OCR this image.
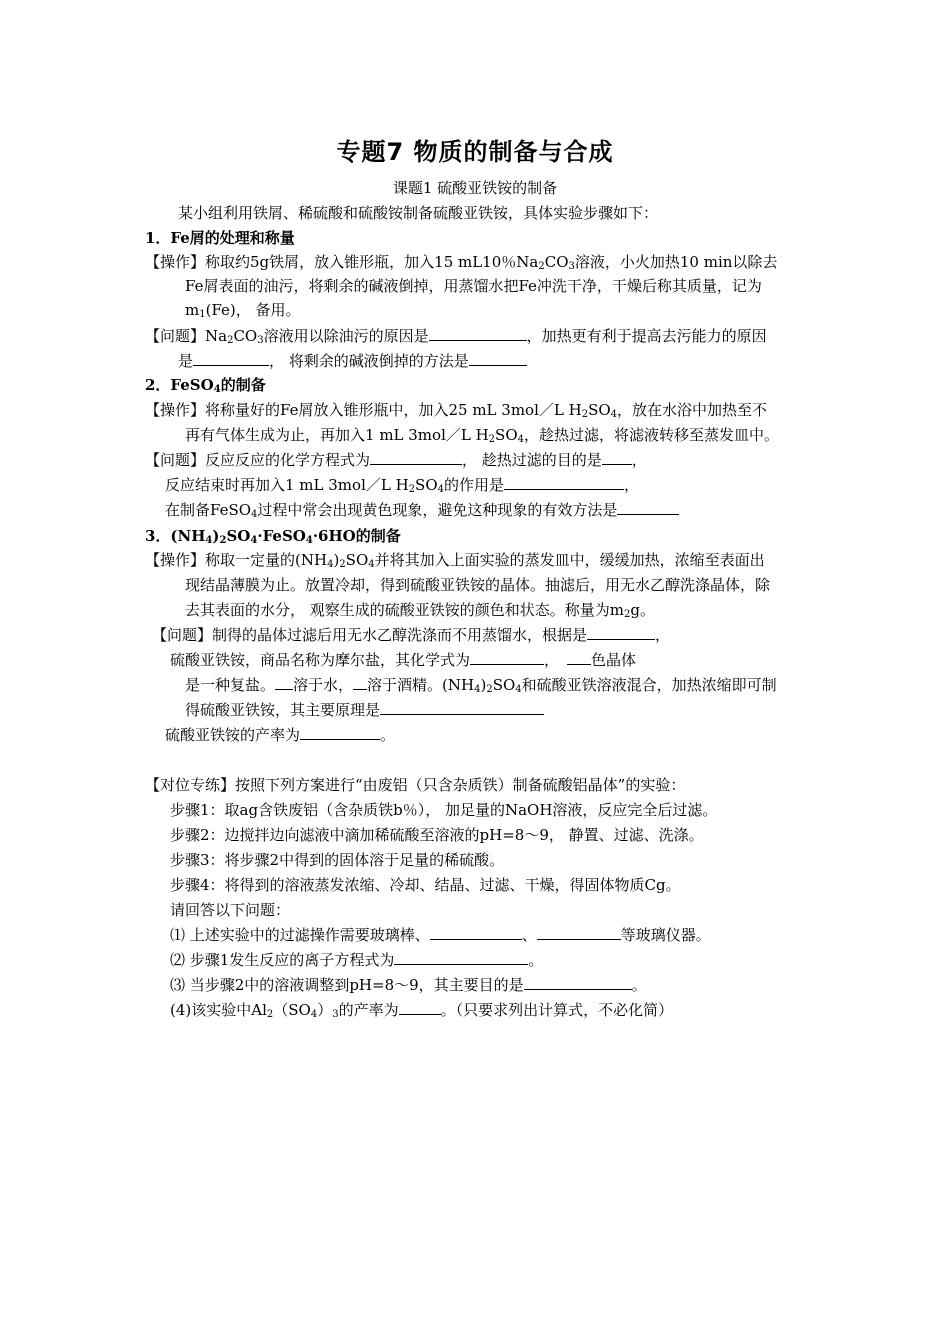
专题7 物质的制备与合成
课题1 硫酸亚铁铵的制备
某小组利用铁屑、稀硫酸和硫酸铵制备硫酸亚铁铵，具体实验步骤如下：
1．Fe屑的处理和称量
【操作】称取约5g铁屑，放入锥形瓶，加入15 mL10％$Na_2CO_3$溶液，小火加热10 min以除去
Fe屑表面的油污，将剩余的碱液倒掉，用蒸馏水把Fe冲洗干净，干燥后称其质量，记为
$m_1(Fe)$， 备用。
【问题】$Na_2CO_3$溶液用以除油污的原因是	，加热更有利于提高去污能力的原因
是	， 将剩余的碱液倒掉的方法是
2．FeSO$_4$的制备
【操作】将称量好的Fe屑放入锥形瓶中，加入25 mL 3mol／L $H_2SO_4$，放在水浴中加热至不
再有气体生成为止，再加入1 mL 3mol／L $H_2SO_4$，趁热过滤，将滤液转移至蒸发皿中。
【问题】反应反应的化学方程式为	， 趁热过滤的目的是 ，
反应结束时再加入1 mL 3mol／L $H_2SO_4$的作用是	，
在制备FeSO$_4$过程中常会出现黄色现象，避免这种现象的有效方法是
3．$(NH_4)_2SO_4\cdot FeSO_4\cdot 6HO$的制备
【操作】称取一定量的$(NH_4)_2SO_4$并将其加入上面实验的蒸发皿中，缓缓加热，浓缩至表面出
现结晶薄膜为止。放置冷却，得到硫酸亚铁铵的晶体。抽滤后，用无水乙醇洗涤晶体，除
去其表面的水分， 观察生成的硫酸亚铁铵的颜色和状态。称量为$m_2g$。
【问题】制得的晶体过滤后用无水乙醇洗涤而不用蒸馏水，根据是	，
硫酸亚铁铵，商品名称为摩尔盐，其化学式为	， 色晶体
是一种复盐。 溶于水， 溶于酒精。$(NH_4)_2SO_4$和硫酸亚铁溶液混合，加热浓缩即可制
得硫酸亚铁铵，其主要原理是
硫酸亚铁铵的产率为	。
【对位专练】按照下列方案进行“由废铝（只含杂质铁）制备硫酸铝晶体”的实验：
步骤1：取ag含铁废铝（含杂质铁b％）， 加足量的NaOH溶液，反应完全后过滤。
步骤2：边搅拌边向滤液中滴加稀硫酸至溶液的pH=8～9， 静置、过滤、洗涤。
步骤3：将步骤2中得到的固体溶于足量的稀硫酸。
步骤4：将得到的溶液蒸发浓缩、冷却、结晶、过滤、干燥，得固体物质Cg。
请回答以下问题：
⑴ 上述实验中的过滤操作需要玻璃棒、	、	等玻璃仪器。
⑵ 步骤1发生反应的离子方程式为	。
⑶ 当步骤2中的溶液调整到pH=8～9，其主要目的是	。
(4)该实验中$Al_2(SO_4)_3$的产率为	。（只要求列出计算式，不必化简）
